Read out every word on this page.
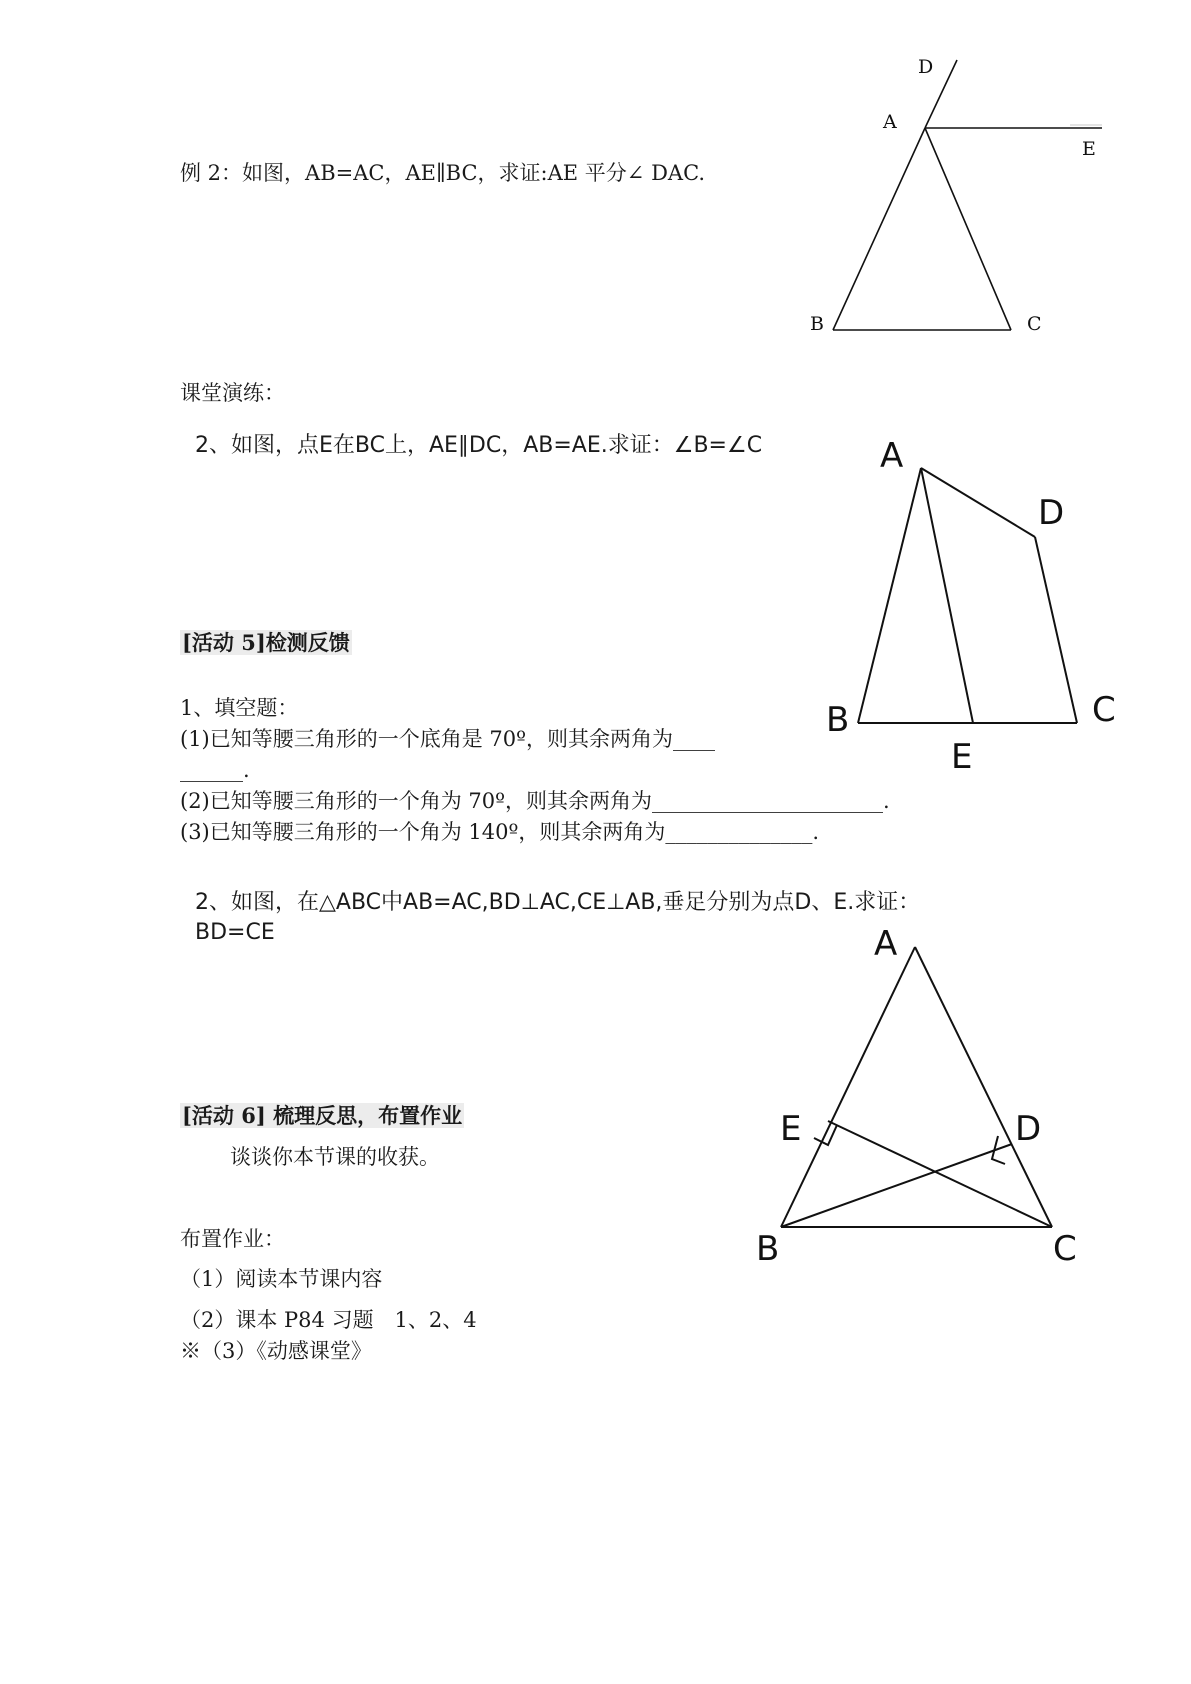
例 2：如图，AB=AC，AE∥BC，求证:AE 平分∠ DAC.
D
A
E
B	C
课堂演练：
2、如图，点E在BC上，AE∥DC，AB=AE.求证：∠B=∠C	A
D
B	C
E
[活动 5]检测反馈
1、填空题：
(1)已知等腰三角形的一个底角是 70º，则其余两角为____
______.
(2)已知等腰三角形的一个角为 70º，则其余两角为______________________.
(3)已知等腰三角形的一个角为 140º，则其余两角为______________.
2、如图，在△ABC中AB=AC,BD⊥AC,CE⊥AB,垂足分别为点D、E.求证：
BD=CE	A
E	D
B	C
[活动 6] 梳理反思，布置作业
谈谈你本节课的收获。
布置作业：
（1）阅读本节课内容
（2）课本 P84 习题　1、2、4
※（3）《动感课堂》
